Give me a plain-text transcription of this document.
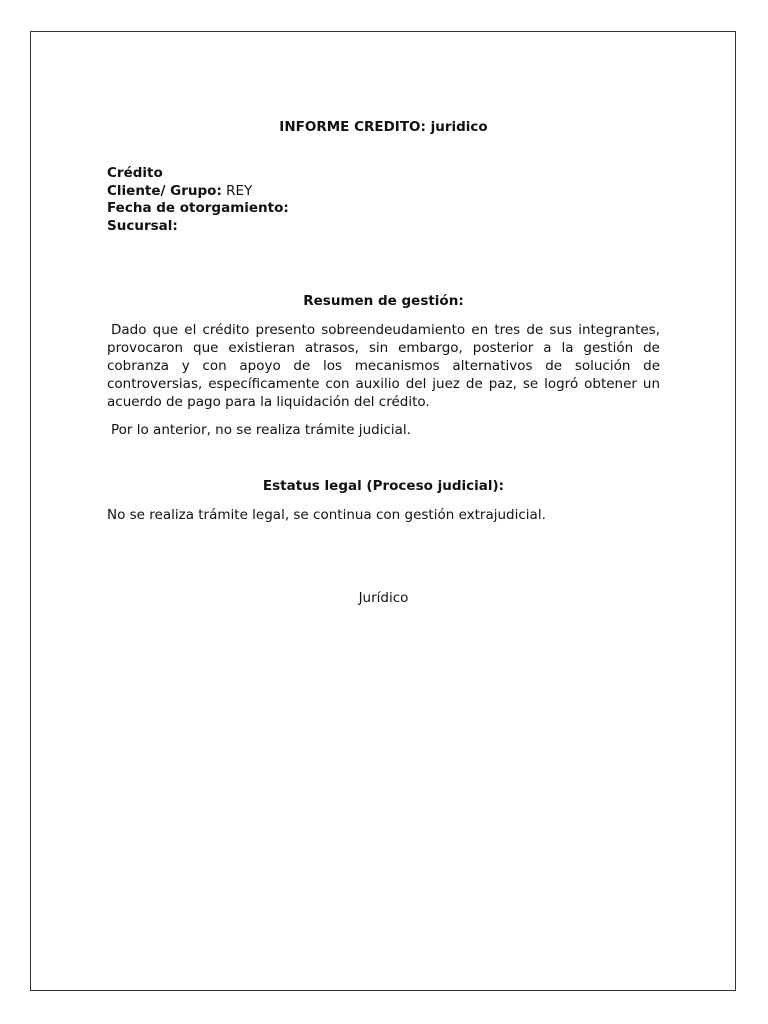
INFORME CREDITO: juridico
Crédito
Cliente/ Grupo: REY
Fecha de otorgamiento:
Sucursal:
Resumen de gestión:

Dado que el crédito presento sobreendeudamiento en tres de sus integrantes, provocaron que existieran atrasos, sin embargo, posterior a la gestión de cobranza y con apoyo de los mecanismos alternativos de solución de controversias, específicamente con auxilio del juez de paz, se logró obtener un acuerdo de pago para la liquidación del crédito.

Por lo anterior, no se realiza trámite judicial.

Estatus legal (Proceso judicial):

No se realiza trámite legal, se continua con gestión extrajudicial.

Jurídico
